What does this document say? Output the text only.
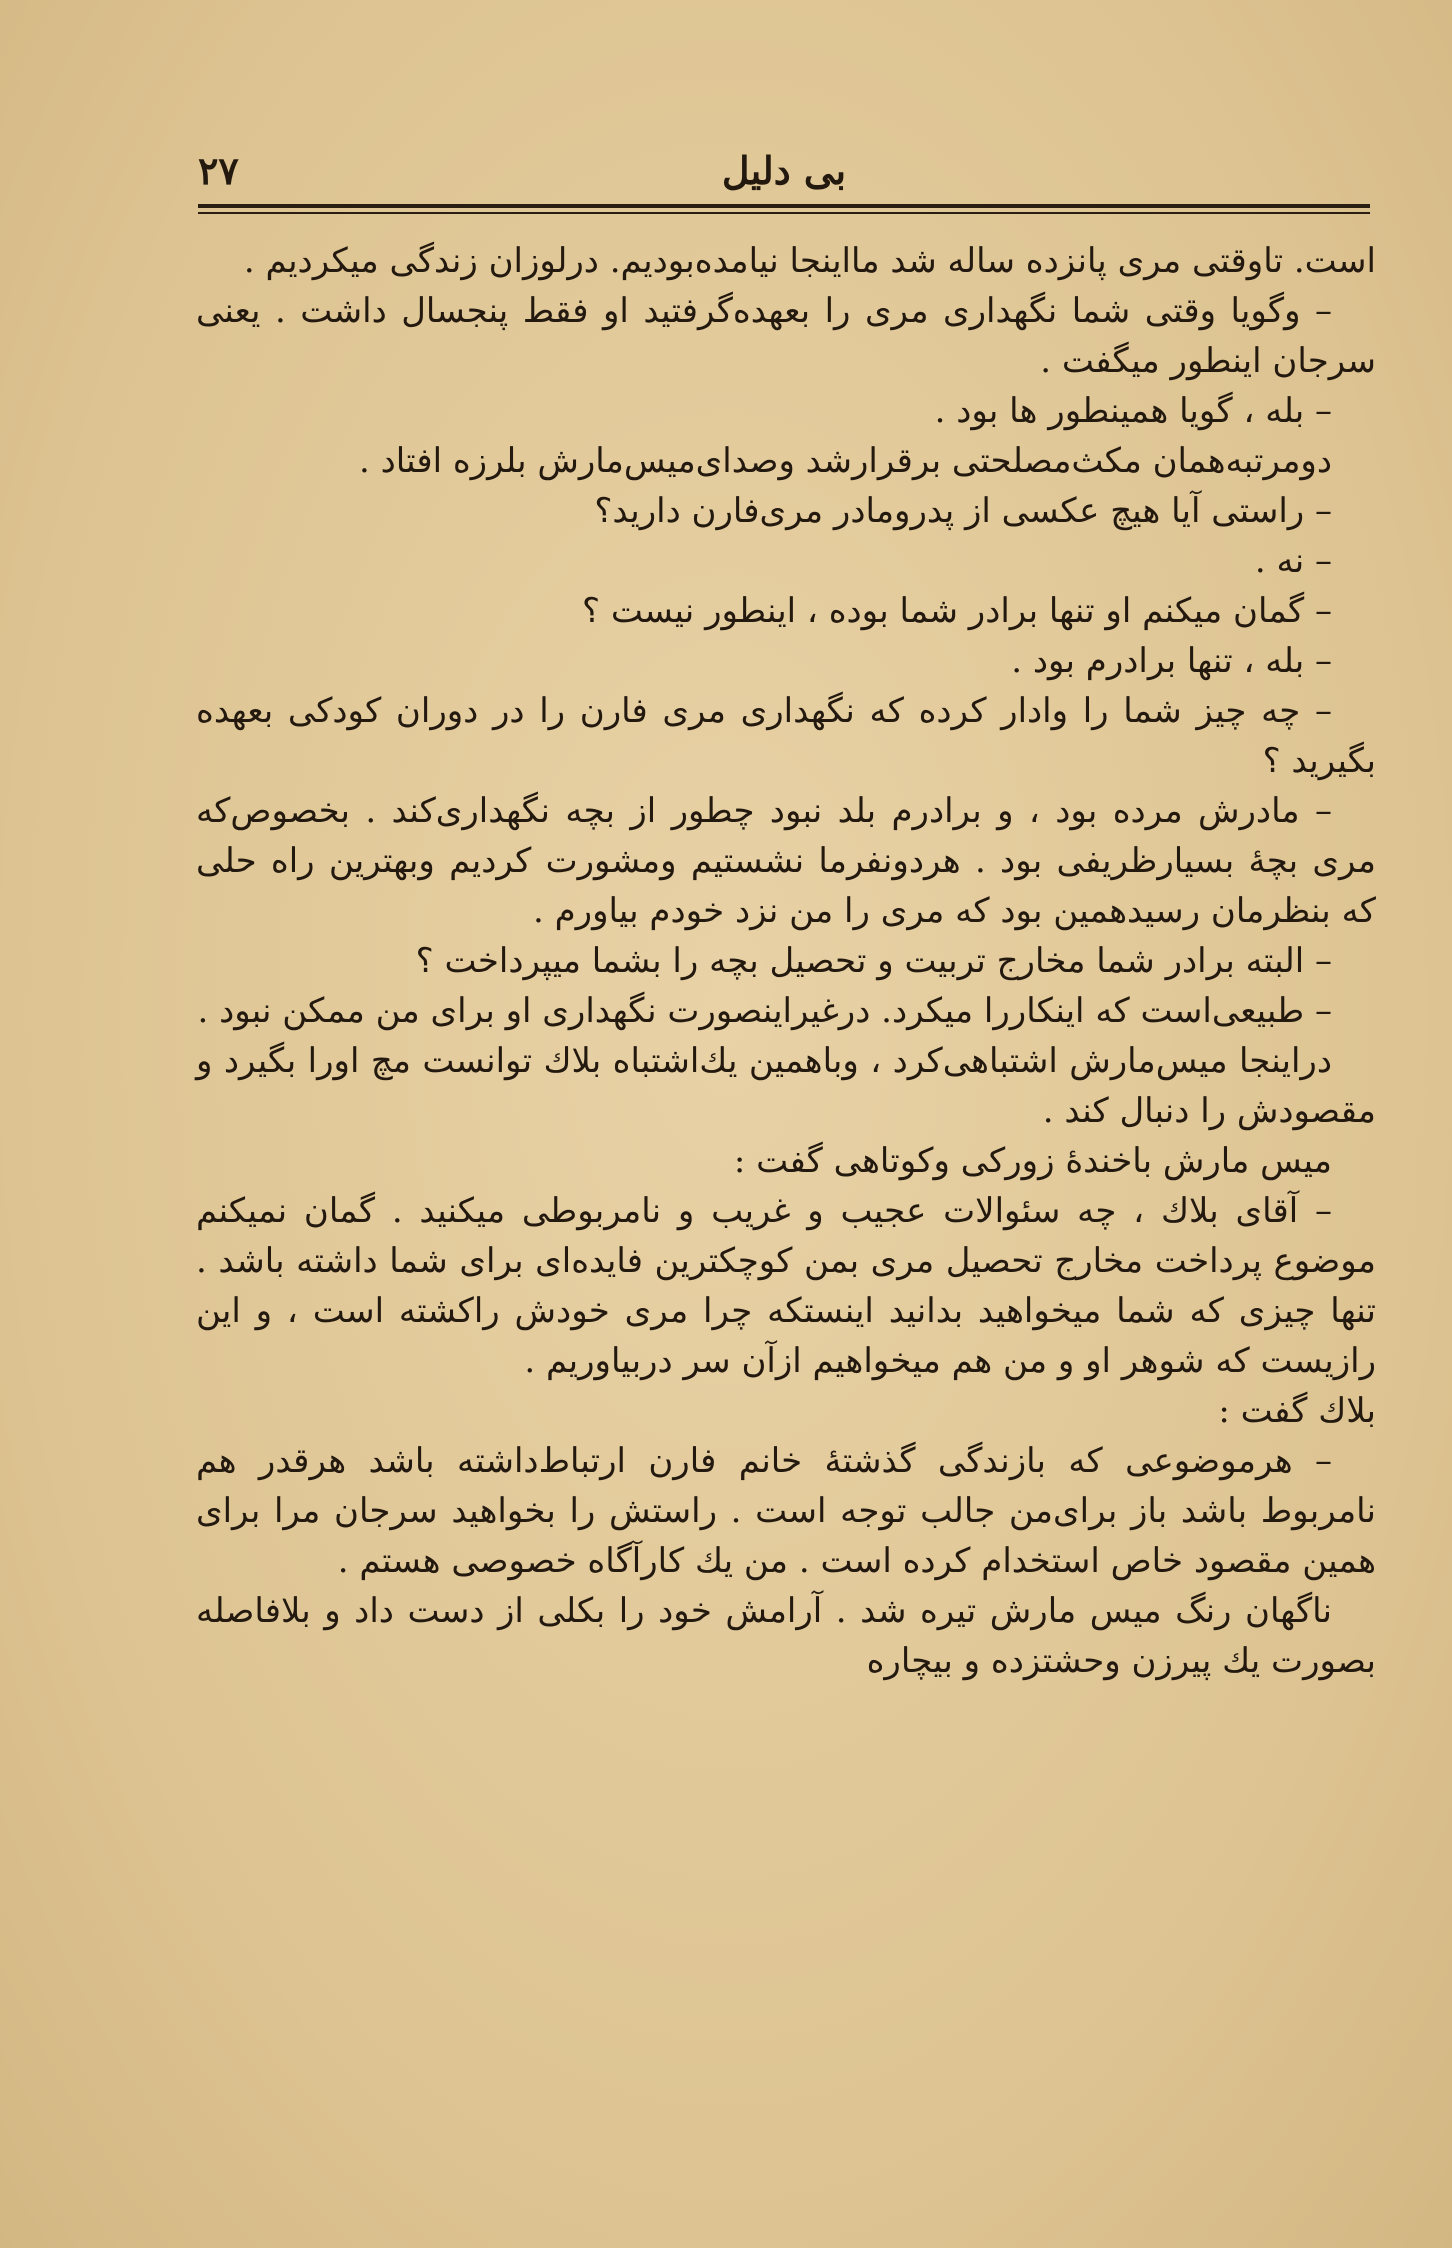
۲۷	بی دلیل

است. تاوقتی مری پانزده ساله شد مااینجا نیامده‌بودیم. درلوزان زندگی میکردیم .

– وگویا وقتی شما نگهداری مری را بعهده‌گرفتید او فقط پنجسال داشت . یعنی سرجان اینطور میگفت .

– بله ، گویا همینطور ها بود .

دومرتبه‌همان مکث‌مصلحتی برقرارشد وصدای‌میس‌مارش بلرزه افتاد .

– راستی آیا هیچ عکسی از پدرومادر مری‌فارن دارید؟

– نه .

– گمان میکنم او تنها برادر شما بوده ، اینطور نیست ؟

– بله ، تنها برادرم بود .

– چه چیز شما را وادار کرده که نگهداری مری فارن را در دوران کودکی بعهده بگیرید ؟

– مادرش مرده بود ، و برادرم بلد نبود چطور از بچه نگهداری‌کند . بخصوص‌که مری بچهٔ بسیارظریفی بود . هردونفرما نشستیم ومشورت کردیم وبهترین راه حلی که بنظرمان رسیدهمین بود که مری را من نزد خودم بیاورم .

– البته برادر شما مخارج تربیت و تحصیل بچه را بشما میپرداخت ؟

– طبیعی‌است که اینکاررا میکرد. درغیراینصورت نگهداری او برای من ممکن نبود .

دراینجا میس‌مارش اشتباهی‌کرد ، وباهمین یك‌اشتباه بلاك توانست مچ اورا بگیرد و مقصودش را دنبال کند .

میس مارش باخندهٔ زورکی وکوتاهی گفت :

– آقای بلاك ، چه سئوالات عجیب و غریب و نامربوطی میکنید . گمان نمیکنم موضوع پرداخت مخارج تحصیل مری بمن کوچکترین فایده‌ای برای شما داشته باشد . تنها چیزی که شما میخواهید بدانید اینستکه چرا مری خودش راکشته است ، و این رازیست که شوهر او و من هم میخواهیم ازآن سر دربیاوریم .

بلاك گفت :

– هرموضوعی که بازندگی گذشتهٔ خانم فارن ارتباط‌داشته باشد هرقدر هم نامربوط باشد باز برای‌من جالب توجه است . راستش را بخواهید سرجان مرا برای همین مقصود خاص استخدام کرده است . من یك کارآگاه خصوصی هستم .

ناگهان رنگ میس مارش تیره شد . آرامش خود را بکلی از دست داد و بلافاصله بصورت یك پیرزن وحشتزده و بیچاره
